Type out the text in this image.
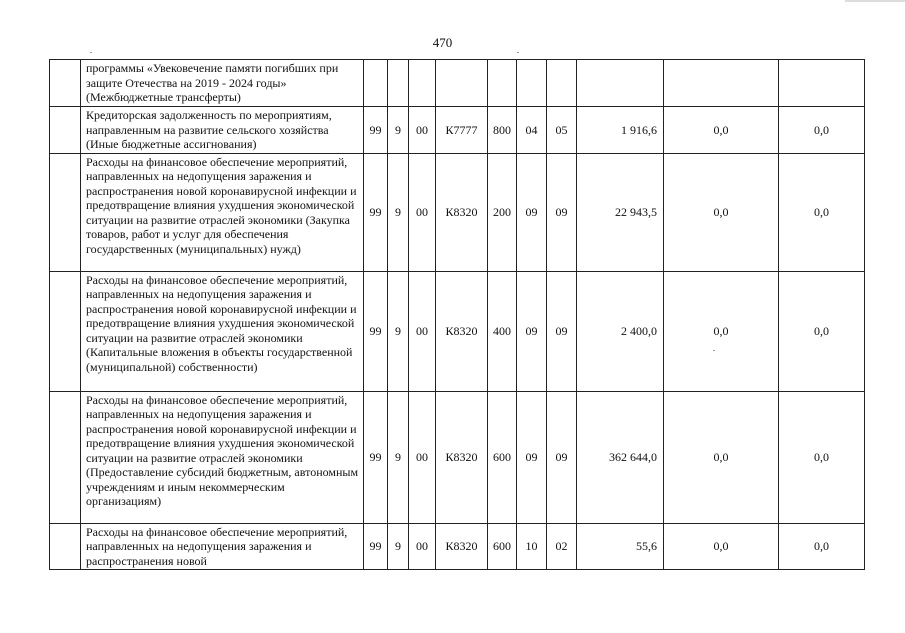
470
	программы «Увековечение памяти погибших при защите Отечества на 2019 - 2024 годы» (Межбюджетные трансферты)										
	Кредиторская задолженность по мероприятиям, направленным на развитие сельского хозяйства (Иные бюджетные ассигнования)	99	9	00	К7777	800	04	05	1 916,6	0,0	0,0
	Расходы на финансовое обеспечение мероприятий, направленных на недопущения заражения и распространения новой коронавирусной инфекции и предотвращение влияния ухудшения экономической ситуации на развитие отраслей экономики (Закупка товаров, работ и услуг для обеспечения государственных (муниципальных) нужд)	99	9	00	К8320	200	09	09	22 943,5	0,0	0,0
	Расходы на финансовое обеспечение мероприятий, направленных на недопущения заражения и распространения новой коронавирусной инфекции и предотвращение влияния ухудшения экономической ситуации на развитие отраслей экономики (Капитальные вложения в объекты государственной (муниципальной) собственности)	99	9	00	К8320	400	09	09	2 400,0	0,0	0,0
	Расходы на финансовое обеспечение мероприятий, направленных на недопущения заражения и распространения новой коронавирусной инфекции и предотвращение влияния ухудшения экономической ситуации на развитие отраслей экономики (Предоставление субсидий бюджетным, автономным учреждениям и иным некоммерческим организациям)	99	9	00	К8320	600	09	09	362 644,0	0,0	0,0
	Расходы на финансовое обеспечение мероприятий, направленных на недопущения заражения и распространения новой	99	9	00	К8320	600	10	02	55,6	0,0	0,0
